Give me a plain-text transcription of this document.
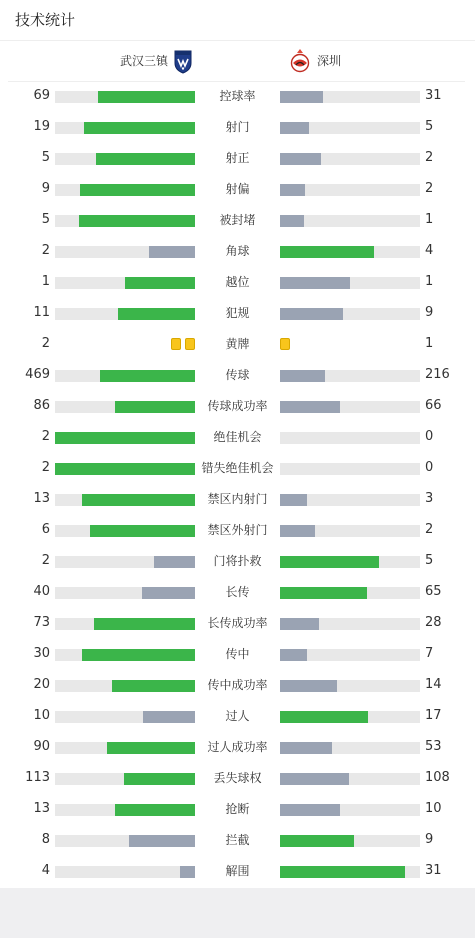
技术统计
武汉三镇	深圳
69	控球率	31
19	射门	5
5	射正	2
9	射偏	2
5	被封堵	1
2	角球	4
1	越位	1
11	犯规	9
2	黄牌	1
469	传球	216
86	传球成功率	66
2	绝佳机会	0
2	错失绝佳机会	0
13	禁区内射门	3
6	禁区外射门	2
2	门将扑救	5
40	长传	65
73	长传成功率	28
30	传中	7
20	传中成功率	14
10	过人	17
90	过人成功率	53
113	丢失球权	108
13	抢断	10
8	拦截	9
4	解围	31
